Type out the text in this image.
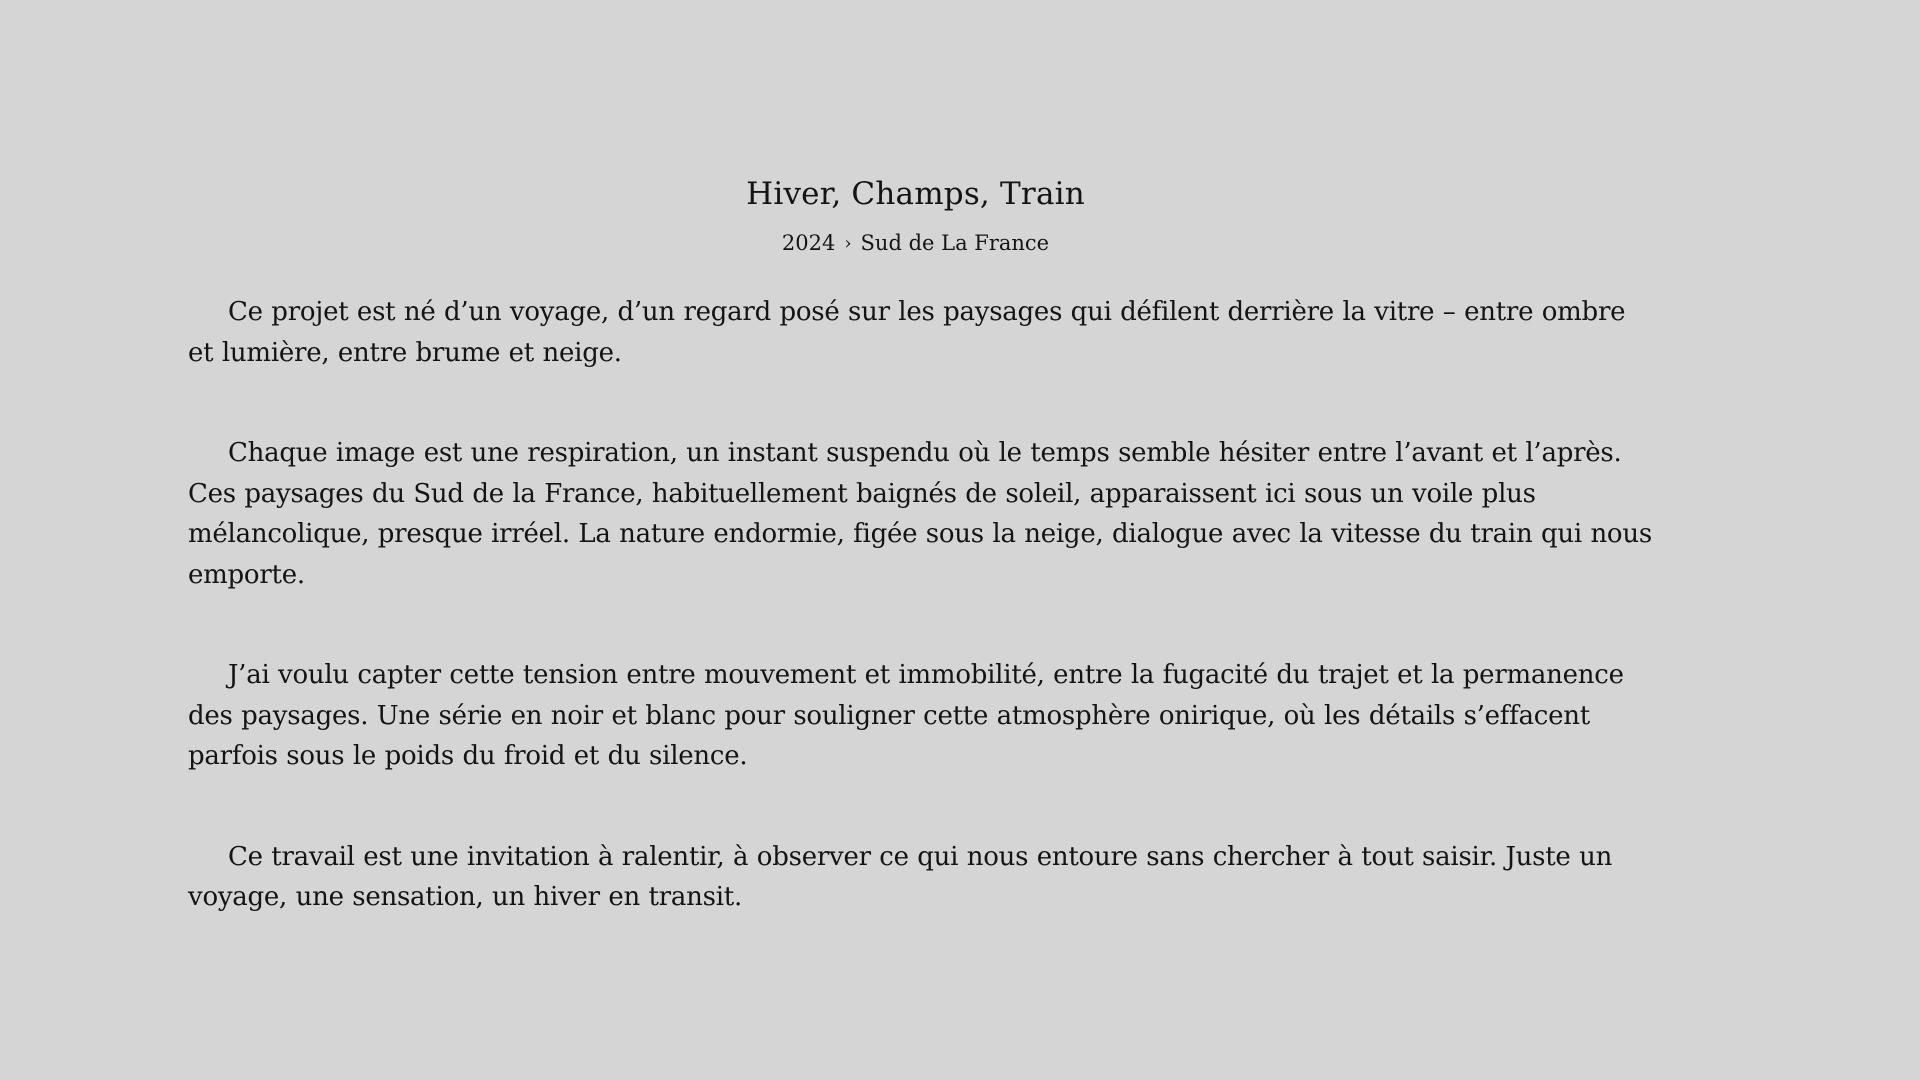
Hiver, Champs, Train
2024 › Sud de La France

Ce projet est né d’un voyage, d’un regard posé sur les paysages qui défilent derrière la vitre – entre ombre et lumière, entre brume et neige.

Chaque image est une respiration, un instant suspendu où le temps semble hésiter entre l’avant et l’après. Ces paysages du Sud de la France, habituellement baignés de soleil, apparaissent ici sous un voile plus mélancolique, presque irréel. La nature endormie, figée sous la neige, dialogue avec la vitesse du train qui nous emporte.

J’ai voulu capter cette tension entre mouvement et immobilité, entre la fugacité du trajet et la permanence des paysages. Une série en noir et blanc pour souligner cette atmosphère onirique, où les détails s’effacent parfois sous le poids du froid et du silence.

Ce travail est une invitation à ralentir, à observer ce qui nous entoure sans chercher à tout saisir. Juste un voyage, une sensation, un hiver en transit.
